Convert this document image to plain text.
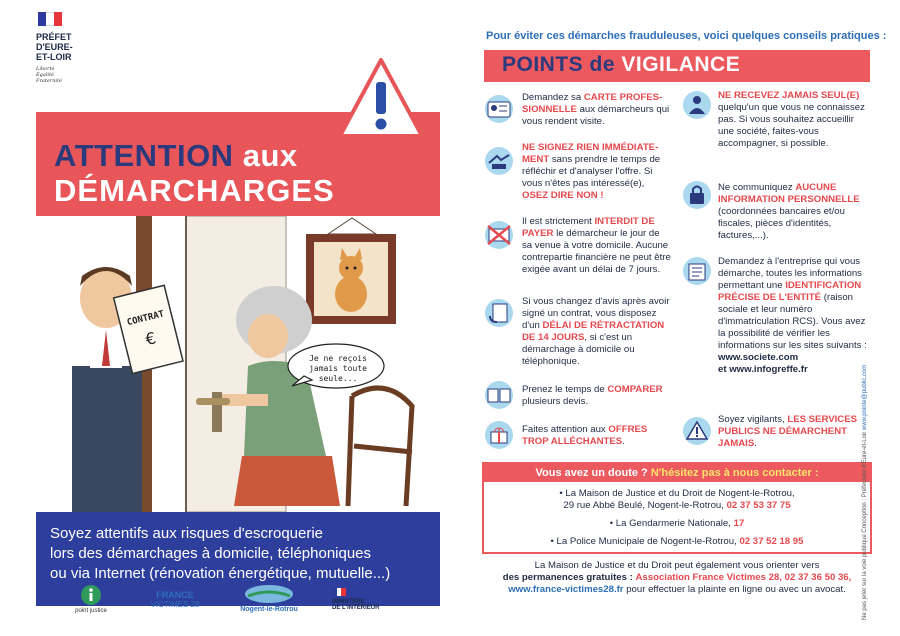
PRÉFET
D'EURE-
ET-LOIR
Liberté
Égalité
Fraternité
ATTENTION aux
DÉMARCHARGES
CONTRAT
€
Je ne reçois jamais toute seule...

Soyez attentifs aux risques d'escroquerie

lors des démarchages à domicile, téléphoniques

ou via Internet (rénovation énergétique, mutuelle...)

point justice
FRANCE
VICTIMES 28
Nogent-le-Rotrou
MINISTÈRE
DE L'INTÉRIEUR
Pour éviter ces démarches frauduleuses, voici quelques conseils pratiques :
POINTS de VIGILANCE
Demandez sa CARTE PROFES- SIONNELLE aux démarcheurs qui vous rendent visite.
NE SIGNEZ RIEN IMMÉDIATE- MENT sans prendre le temps de réfléchir et d'analyser l'offre. Si vous n'êtes pas intéressé(e), OSEZ DIRE NON !
Il est strictement INTERDIT DE PAYER le démarcheur le jour de sa venue à votre domicile. Aucune contrepartie financière ne peut être exigée avant un délai de 7 jours.
Si vous changez d'avis après avoir signé un contrat, vous disposez d'un DÉLAI DE RÉTRACTATION DE 14 JOURS, si c'est un démarchage à domicile ou téléphonique.
Prenez le temps de COMPARER plusieurs devis.
Faites attention aux OFFRES TROP ALLÉCHANTES.
NE RECEVEZ JAMAIS SEUL(E) quelqu'un que vous ne connaissez pas. Si vous souhaitez accueillir une société, faites-vous accompagner, si possible.
Ne communiquez AUCUNE INFORMATION PERSONNELLE (coordonnées bancaires et/ou fiscales, pièces d'identités, factures,...).
Demandez à l'entreprise qui vous démarche, toutes les informations permettant une IDENTIFICATION PRÉCISE DE L'ENTITÉ (raison sociale et leur numéro d'immatriculation RCS). Vous avez la possibilité de vérifier les informations sur les sites suivants :
www.societe.com
et www.infogreffe.fr
Soyez vigilants, LES SERVICES PUBLICS NE DÉMARCHENT JAMAIS.
Vous avez un doute ? N'hésitez pas à nous contacter :
• La Maison de Justice et du Droit de Nogent-le-Rotrou,
29 rue Abbé Beulé, Nogent-le-Rotrou, 02 37 53 37 75
• La Gendarmerie Nationale, 17
• La Police Municipale de Nogent-le-Rotrou, 02 37 52 18 95
La Maison de Justice et du Droit peut également vous orienter vers
des permanences gratuites : Association France Victimes 28, 02 37 36 50 36,
www.france-victimes28.fr pour effectuer la plainte en ligne ou avec un avocat.	Ne pas jeter sur la voie publique Conception : Préfecture d'Eure-et-Loir www.pointe@public.com
